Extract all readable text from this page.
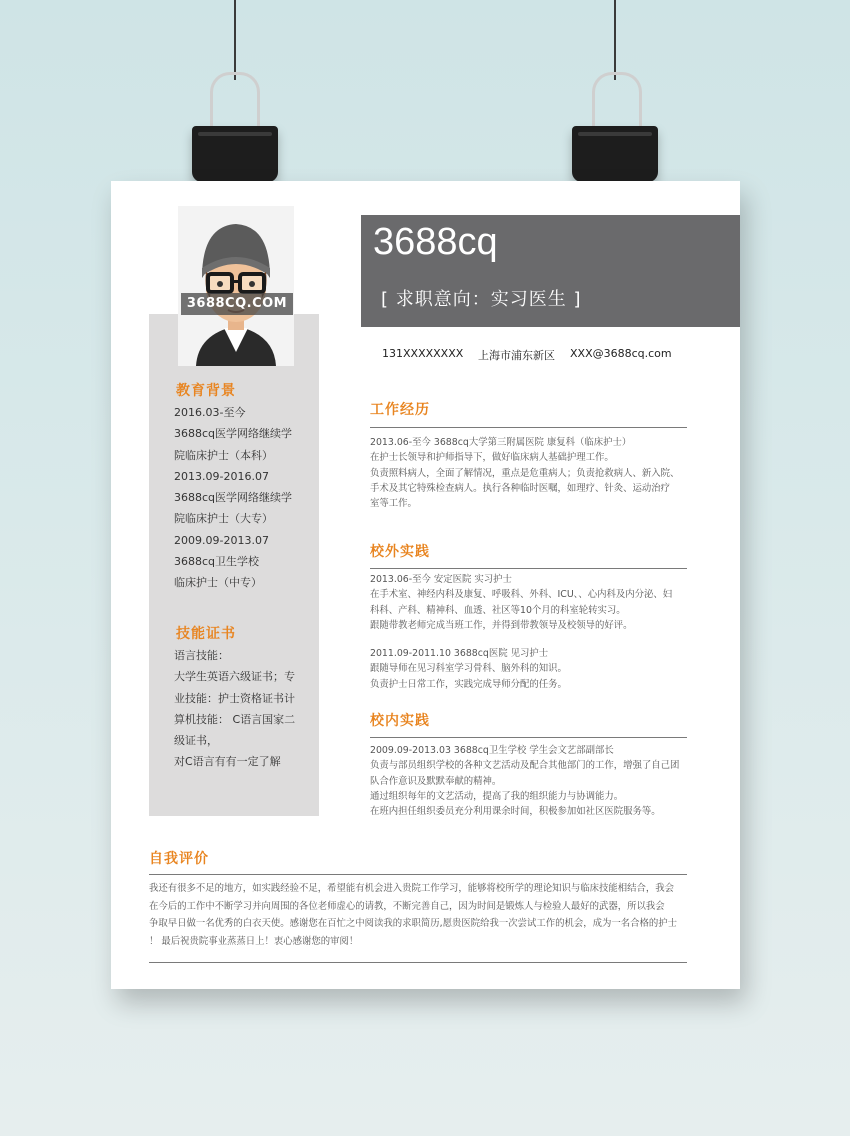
教育背景
2016.03-至今
3688cq医学网络继续学
院临床护士（本科）
2013.09-2016.07
3688cq医学网络继续学
院临床护士（大专）
2009.09-2013.07
3688cq卫生学校
临床护士（中专）
技能证书
语言技能：
大学生英语六级证书；专
业技能：护士资格证书计
算机技能： C语言国家二
级证书，
对C语言有有一定了解
3688CQ.COM
3688cq
[ 求职意向：实习医生 ]
131XXXXXXXX 上海市浦东新区 XXX@3688cq.com
工作经历
2013.06-至今 3688cq大学第三附属医院 康复科（临床护士）
在护士长领导和护师指导下，做好临床病人基础护理工作。
负责照料病人，全面了解情况，重点是危重病人；负责抢救病人、新入院、
手术及其它特殊检查病人。执行各种临时医嘱，如理疗、针灸、运动治疗
室等工作。
校外实践
2013.06-至今 安定医院 实习护士
在手术室、神经内科及康复、呼吸科、外科、ICU、、心内科及内分泌、妇
科科、产科、精神科、血透、社区等10个月的科室轮转实习。
跟随带教老师完成当班工作，并得到带教领导及校领导的好评。
2011.09-2011.10 3688cq医院 见习护士
跟随导师在见习科室学习骨科、脑外科的知识。
负责护士日常工作，实践完成导师分配的任务。
校内实践
2009.09-2013.03 3688cq卫生学校 学生会文艺部副部长
负责与部员组织学校的各种文艺活动及配合其他部门的工作，增强了自己团
队合作意识及默默奉献的精神。
通过组织每年的文艺活动，提高了我的组织能力与协调能力。
在班内担任组织委员充分利用课余时间，积极参加如社区医院服务等。
自我评价
我还有很多不足的地方，如实践经验不足，希望能有机会进入贵院工作学习，能够将校所学的理论知识与临床技能相结合，我会
在今后的工作中不断学习并向周围的各位老师虚心的请教，不断完善自己，因为时间是锻炼人与检验人最好的武器，所以我会
争取早日做一名优秀的白衣天使。感谢您在百忙之中阅读我的求职简历,愿贵医院给我一次尝试工作的机会，成为一名合格的护士
！ 最后祝贵院事业蒸蒸日上！衷心感谢您的审阅！
